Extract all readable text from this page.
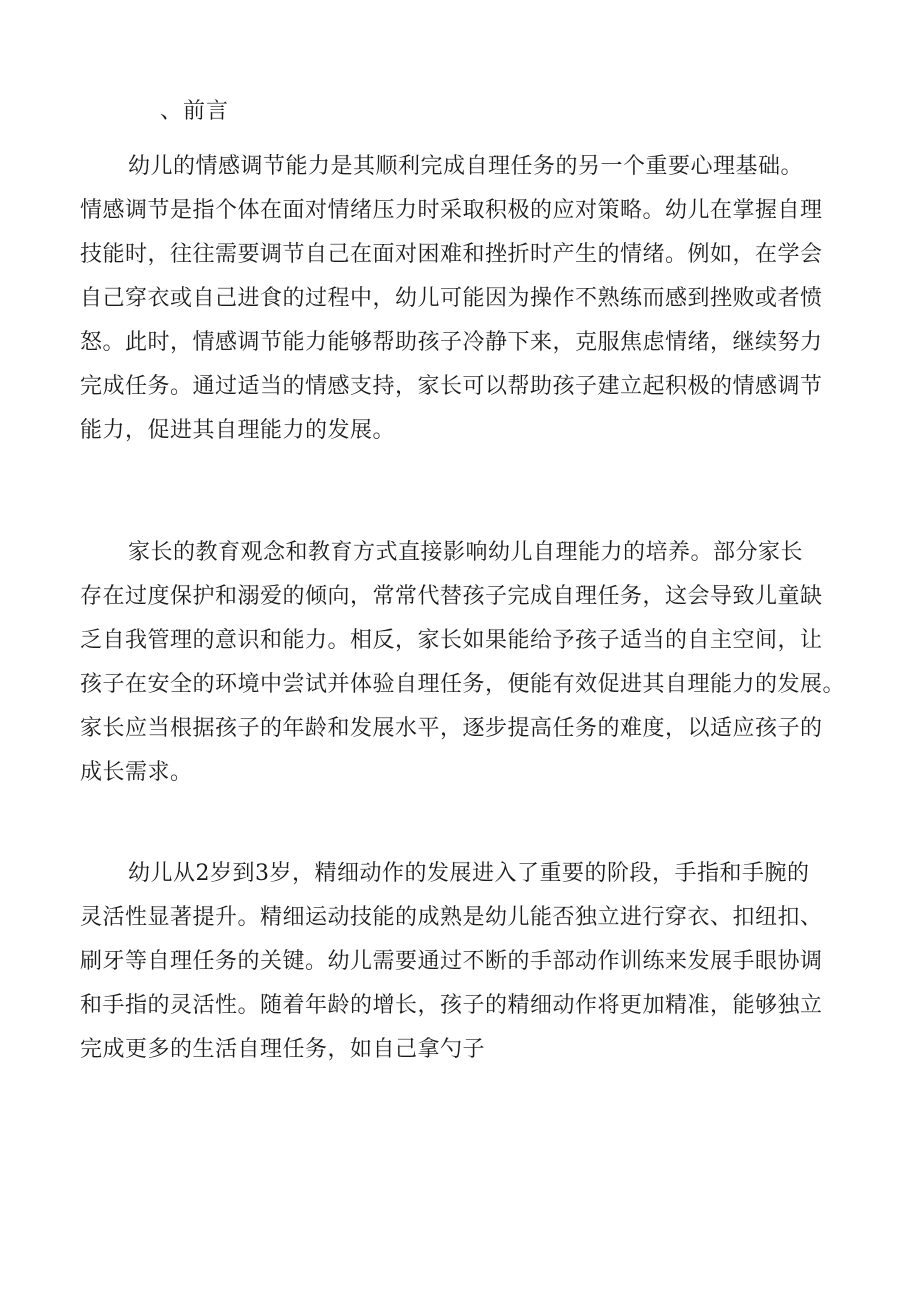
、前言
幼儿的情感调节能力是其顺利完成自理任务的另一个重要心理基础。
情感调节是指个体在面对情绪压力时采取积极的应对策略。幼儿在掌握自理
技能时，往往需要调节自己在面对困难和挫折时产生的情绪。例如，在学会
自己穿衣或自己进食的过程中，幼儿可能因为操作不熟练而感到挫败或者愤
怒。此时，情感调节能力能够帮助孩子冷静下来，克服焦虑情绪，继续努力
完成任务。通过适当的情感支持，家长可以帮助孩子建立起积极的情感调节
能力，促进其自理能力的发展。
家长的教育观念和教育方式直接影响幼儿自理能力的培养。部分家长
存在过度保护和溺爱的倾向，常常代替孩子完成自理任务，这会导致儿童缺
乏自我管理的意识和能力。相反，家长如果能给予孩子适当的自主空间，让
孩子在安全的环境中尝试并体验自理任务，便能有效促进其自理能力的发展。
家长应当根据孩子的年龄和发展水平，逐步提高任务的难度，以适应孩子的
成长需求。
幼儿从2岁到3岁，精细动作的发展进入了重要的阶段，手指和手腕的
灵活性显著提升。精细运动技能的成熟是幼儿能否独立进行穿衣、扣纽扣、
刷牙等自理任务的关键。幼儿需要通过不断的手部动作训练来发展手眼协调
和手指的灵活性。随着年龄的增长，孩子的精细动作将更加精准，能够独立
完成更多的生活自理任务，如自己拿勺子
